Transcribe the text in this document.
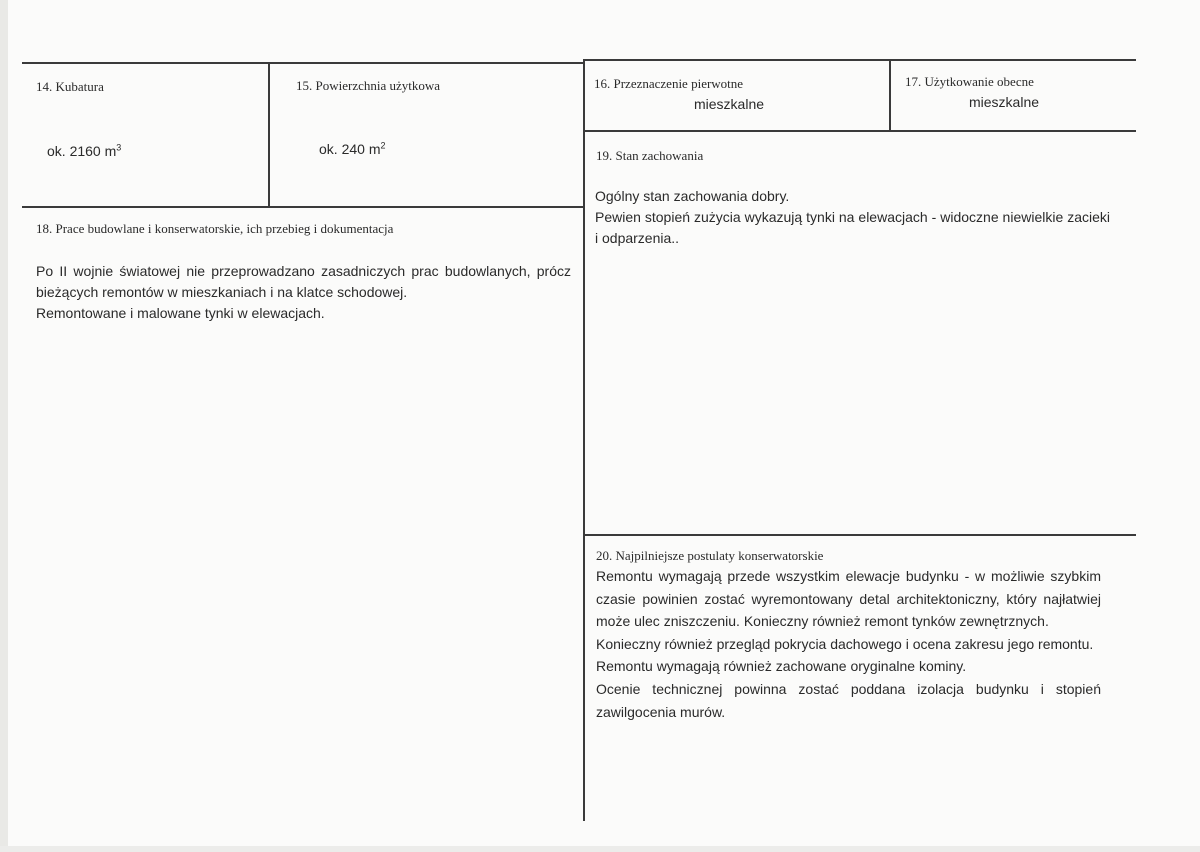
14. Kubatura
ok. 2160 $m^3$
15. Powierzchnia użytkowa
ok. 240 $m^2$
16. Przeznaczenie pierwotne
mieszkalne
17. Użytkowanie obecne
mieszkalne
19. Stan zachowania

Ogólny stan zachowania dobry.

Pewien stopień zużycia wykazują tynki na elewacjach - widoczne niewielkie zacieki i odparzenia..

18. Prace budowlane i konserwatorskie, ich przebieg i dokumentacja

Po II wojnie światowej nie przeprowadzano zasadniczych prac budowlanych, prócz bieżących remontów w mieszkaniach i na klatce schodowej.

Remontowane i malowane tynki w elewacjach.

20. Najpilniejsze postulaty konserwatorskie

Remontu wymagają przede wszystkim elewacje budynku - w możliwie szybkim czasie powinien zostać wyremontowany detal architektoniczny, który najłatwiej może ulec zniszczeniu. Konieczny również remont tynków zewnętrznych.

Konieczny również przegląd pokrycia dachowego i ocena zakresu jego remontu.

Remontu wymagają również zachowane oryginalne kominy.

Ocenie technicznej powinna zostać poddana izolacja budynku i stopień zawilgocenia murów.
